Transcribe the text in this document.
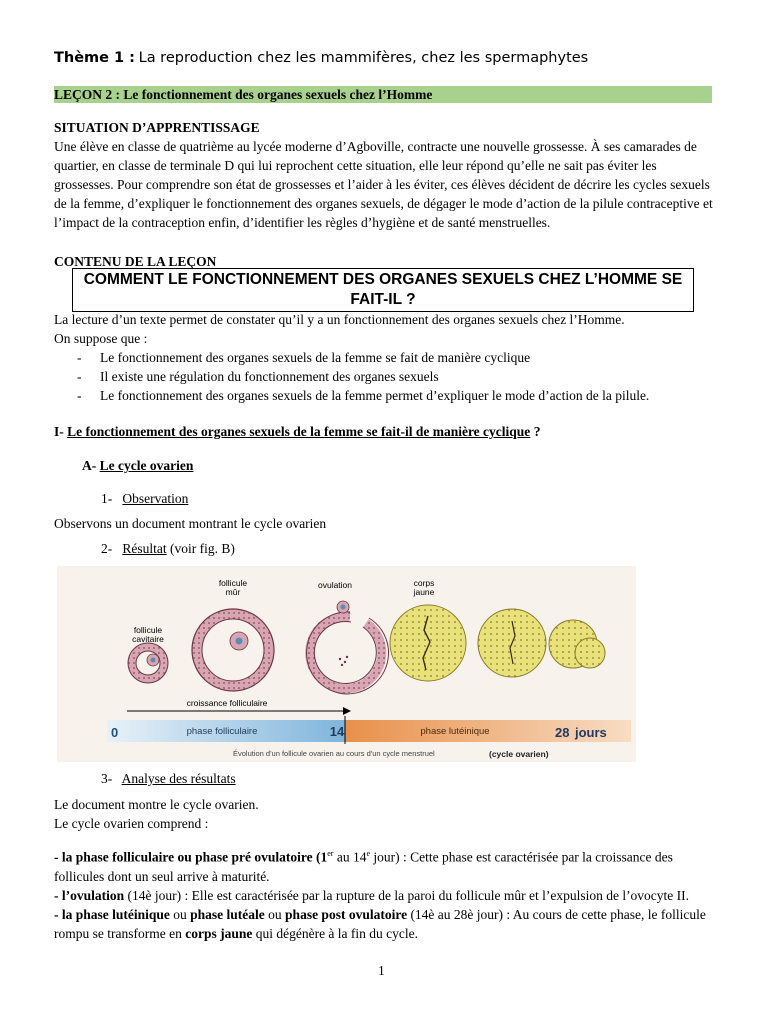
Thème 1 : La reproduction chez les mammifères, chez les spermaphytes
LEÇON 2 : Le fonctionnement des organes sexuels chez l’Homme

SITUATION D’APPRENTISSAGE

Une élève en classe de quatrième au lycée moderne d’Agboville, contracte une nouvelle grossesse. À ses camarades de quartier, en classe de terminale D qui lui reprochent cette situation, elle leur répond qu’elle ne sait pas éviter les grossesses. Pour comprendre son état de grossesses et l’aider à les éviter, ces élèves décident de décrire les cycles sexuels de la femme, d’expliquer le fonctionnement des organes sexuels, de dégager le mode d’action de la pilule contraceptive et l’impact de la contraception enfin, d’identifier les règles d’hygiène et de santé menstruelles.

CONTENU DE LA LEÇON
COMMENT LE FONCTIONNEMENT DES ORGANES SEXUELS CHEZ L’HOMME SE FAIT-IL ?

La lecture d’un texte permet de constater qu’il y a un fonctionnement des organes sexuels chez l’Homme.

On suppose que :

- Le fonctionnement des organes sexuels de la femme se fait de manière cyclique
- Il existe une régulation du fonctionnement des organes sexuels
- Le fonctionnement des organes sexuels de la femme permet d’expliquer le mode d’action de la pilule.
I- Le fonctionnement des organes sexuels de la femme se fait-il de manière cyclique ?
A- Le cycle ovarien
1- Observation
Observons un document montrant le cycle ovarien
2- Résultat (voir fig. B)
follicule
cavitaire
follicule
mûr
ovulation	corps
jaune
croissance folliculaire
0	phase folliculaire	14	phase lutéinique	28 jours
Évolution d'un follicule ovarien au cours d'un cycle menstruel	(cycle ovarien)
3- Analyse des résultats

Le document montre le cycle ovarien.

Le cycle ovarien comprend :

- la phase folliculaire ou phase pré ovulatoire (1er au 14e jour) : Cette phase est caractérisée par la croissance des follicules dont un seul arrive à maturité.

- l’ovulation (14è jour) : Elle est caractérisée par la rupture de la paroi du follicule mûr et l’expulsion de l’ovocyte II.

- la phase lutéinique ou phase lutéale ou phase post ovulatoire (14è au 28è jour) : Au cours de cette phase, le follicule rompu se transforme en corps jaune qui dégénère à la fin du cycle.

1
